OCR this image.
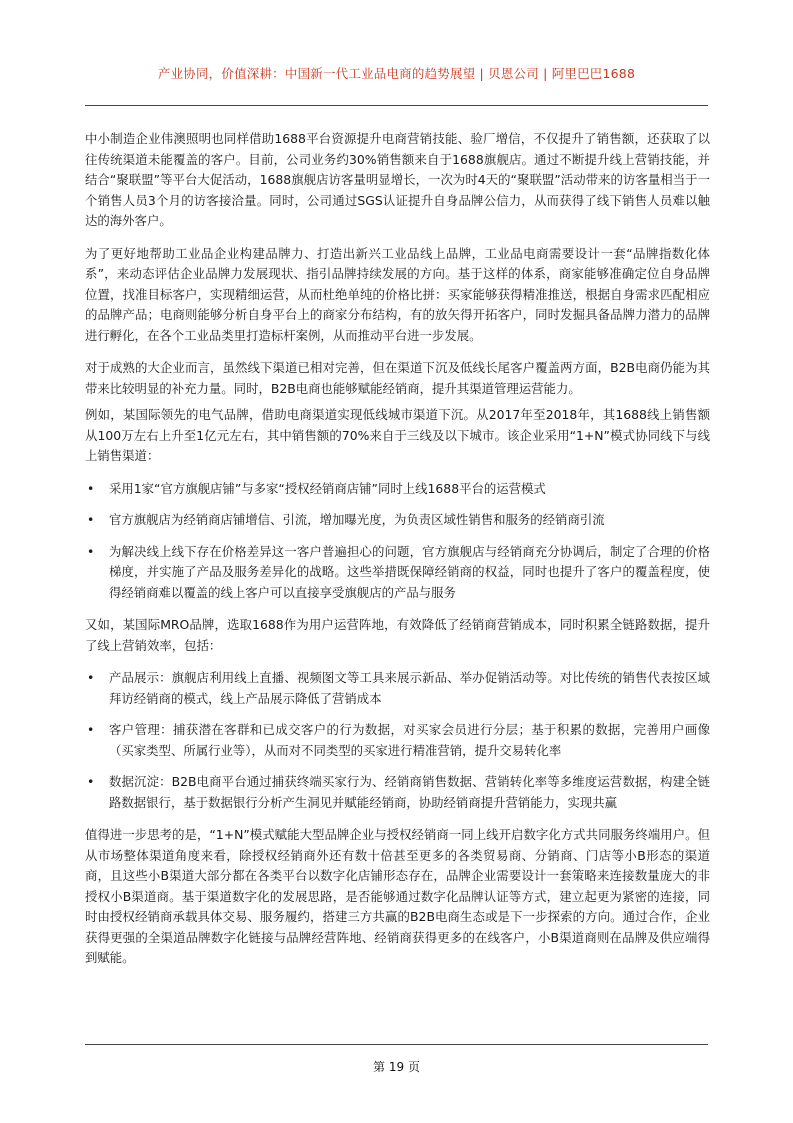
产业协同，价值深耕：中国新一代工业品电商的趋势展望 | 贝恩公司 | 阿里巴巴1688

中小制造企业伟澳照明也同样借助1688平台资源提升电商营销技能、验厂增信，不仅提升了销售额，还获取了以往传统渠道未能覆盖的客户。目前，公司业务约30%销售额来自于1688旗舰店。通过不断提升线上营销技能，并结合“聚联盟”等平台大促活动，1688旗舰店访客量明显增长，一次为时4天的“聚联盟”活动带来的访客量相当于一个销售人员3个月的访客接洽量。同时，公司通过SGS认证提升自身品牌公信力，从而获得了线下销售人员难以触达的海外客户。

为了更好地帮助工业品企业构建品牌力、打造出新兴工业品线上品牌，工业品电商需要设计一套“品牌指数化体系”，来动态评估企业品牌力发展现状、指引品牌持续发展的方向。基于这样的体系，商家能够准确定位自身品牌位置，找准目标客户，实现精细运营，从而杜绝单纯的价格比拼：买家能够获得精准推送，根据自身需求匹配相应的品牌产品；电商则能够分析自身平台上的商家分布结构，有的放矢得开拓客户，同时发掘具备品牌力潜力的品牌进行孵化，在各个工业品类里打造标杆案例，从而推动平台进一步发展。

对于成熟的大企业而言，虽然线下渠道已相对完善，但在渠道下沉及低线长尾客户覆盖两方面，B2B电商仍能为其带来比较明显的补充力量。同时，B2B电商也能够赋能经销商，提升其渠道管理运营能力。

例如，某国际领先的电气品牌，借助电商渠道实现低线城市渠道下沉。从2017年至2018年，其1688线上销售额从100万左右上升至1亿元左右，其中销售额的70%来自于三线及以下城市。该企业采用“1+N”模式协同线下与线上销售渠道：

• 采用1家“官方旗舰店铺”与多家“授权经销商店铺”同时上线1688平台的运营模式
• 官方旗舰店为经销商店铺增信、引流，增加曝光度，为负责区域性销售和服务的经销商引流
• 为解决线上线下存在价格差异这一客户普遍担心的问题，官方旗舰店与经销商充分协调后，制定了合理的价格梯度，并实施了产品及服务差异化的战略。这些举措既保障经销商的权益，同时也提升了客户的覆盖程度，使得经销商难以覆盖的线上客户可以直接享受旗舰店的产品与服务

又如，某国际MRO品牌，选取1688作为用户运营阵地，有效降低了经销商营销成本，同时积累全链路数据，提升了线上营销效率，包括：

• 产品展示：旗舰店利用线上直播、视频图文等工具来展示新品、举办促销活动等。对比传统的销售代表按区域拜访经销商的模式，线上产品展示降低了营销成本
• 客户管理：捕获潜在客群和已成交客户的行为数据，对买家会员进行分层；基于积累的数据，完善用户画像（买家类型、所属行业等），从而对不同类型的买家进行精准营销，提升交易转化率
• 数据沉淀：B2B电商平台通过捕获终端买家行为、经销商销售数据、营销转化率等多维度运营数据，构建全链路数据银行，基于数据银行分析产生洞见并赋能经销商，协助经销商提升营销能力，实现共赢

值得进一步思考的是，“1+N”模式赋能大型品牌企业与授权经销商一同上线开启数字化方式共同服务终端用户。但从市场整体渠道角度来看，除授权经销商外还有数十倍甚至更多的各类贸易商、分销商、门店等小B形态的渠道商，且这些小B渠道大部分都在各类平台以数字化店铺形态存在，品牌企业需要设计一套策略来连接数量庞大的非授权小B渠道商。基于渠道数字化的发展思路，是否能够通过数字化品牌认证等方式，建立起更为紧密的连接，同时由授权经销商承载具体交易、服务履约，搭建三方共赢的B2B电商生态或是下一步探索的方向。通过合作，企业获得更强的全渠道品牌数字化链接与品牌经营阵地、经销商获得更多的在线客户，小B渠道商则在品牌及供应端得到赋能。

第 19 页
